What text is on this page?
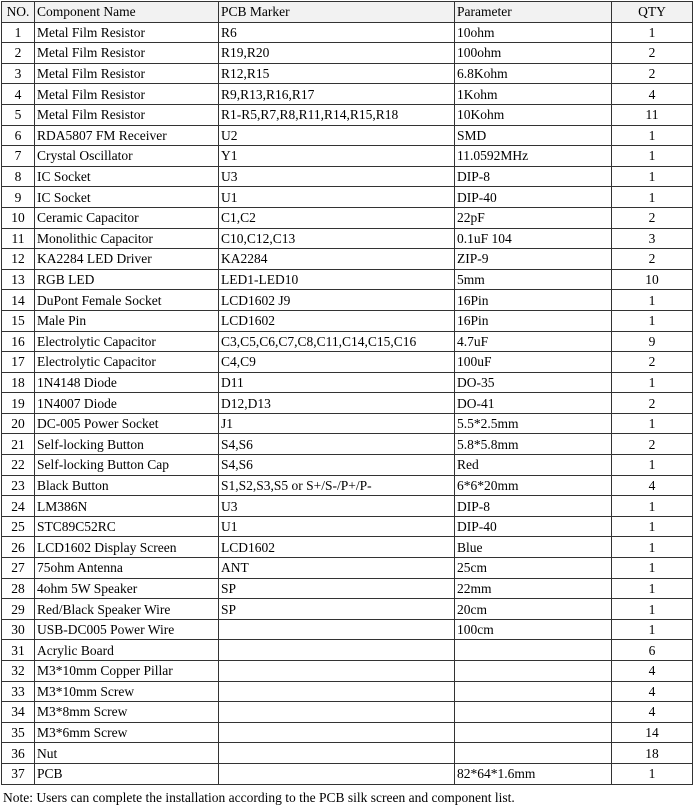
NO.	Component Name	PCB Marker	Parameter	QTY
1	Metal Film Resistor	R6	10ohm	1
2	Metal Film Resistor	R19,R20	100ohm	2
3	Metal Film Resistor	R12,R15	6.8Kohm	2
4	Metal Film Resistor	R9,R13,R16,R17	1Kohm	4
5	Metal Film Resistor	R1-R5,R7,R8,R11,R14,R15,R18	10Kohm	11
6	RDA5807 FM Receiver	U2	SMD	1
7	Crystal Oscillator	Y1	11.0592MHz	1
8	IC Socket	U3	DIP-8	1
9	IC Socket	U1	DIP-40	1
10	Ceramic Capacitor	C1,C2	22pF	2
11	Monolithic Capacitor	C10,C12,C13	0.1uF 104	3
12	KA2284 LED Driver	KA2284	ZIP-9	2
13	RGB LED	LED1-LED10	5mm	10
14	DuPont Female Socket	LCD1602 J9	16Pin	1
15	Male Pin	LCD1602	16Pin	1
16	Electrolytic Capacitor	C3,C5,C6,C7,C8,C11,C14,C15,C16	4.7uF	9
17	Electrolytic Capacitor	C4,C9	100uF	2
18	1N4148 Diode	D11	DO-35	1
19	1N4007 Diode	D12,D13	DO-41	2
20	DC-005 Power Socket	J1	5.5*2.5mm	1
21	Self-locking Button	S4,S6	5.8*5.8mm	2
22	Self-locking Button Cap	S4,S6	Red	1
23	Black Button	S1,S2,S3,S5 or S+/S-/P+/P-	6*6*20mm	4
24	LM386N	U3	DIP-8	1
25	STC89C52RC	U1	DIP-40	1
26	LCD1602 Display Screen	LCD1602	Blue	1
27	75ohm Antenna	ANT	25cm	1
28	4ohm 5W Speaker	SP	22mm	1
29	Red/Black Speaker Wire	SP	20cm	1
30	USB-DC005 Power Wire		100cm	1
31	Acrylic Board			6
32	M3*10mm Copper Pillar			4
33	M3*10mm Screw			4
34	M3*8mm Screw			4
35	M3*6mm Screw			14
36	Nut			18
37	PCB		82*64*1.6mm	1
Note: Users can complete the installation according to the PCB silk screen and component list.
